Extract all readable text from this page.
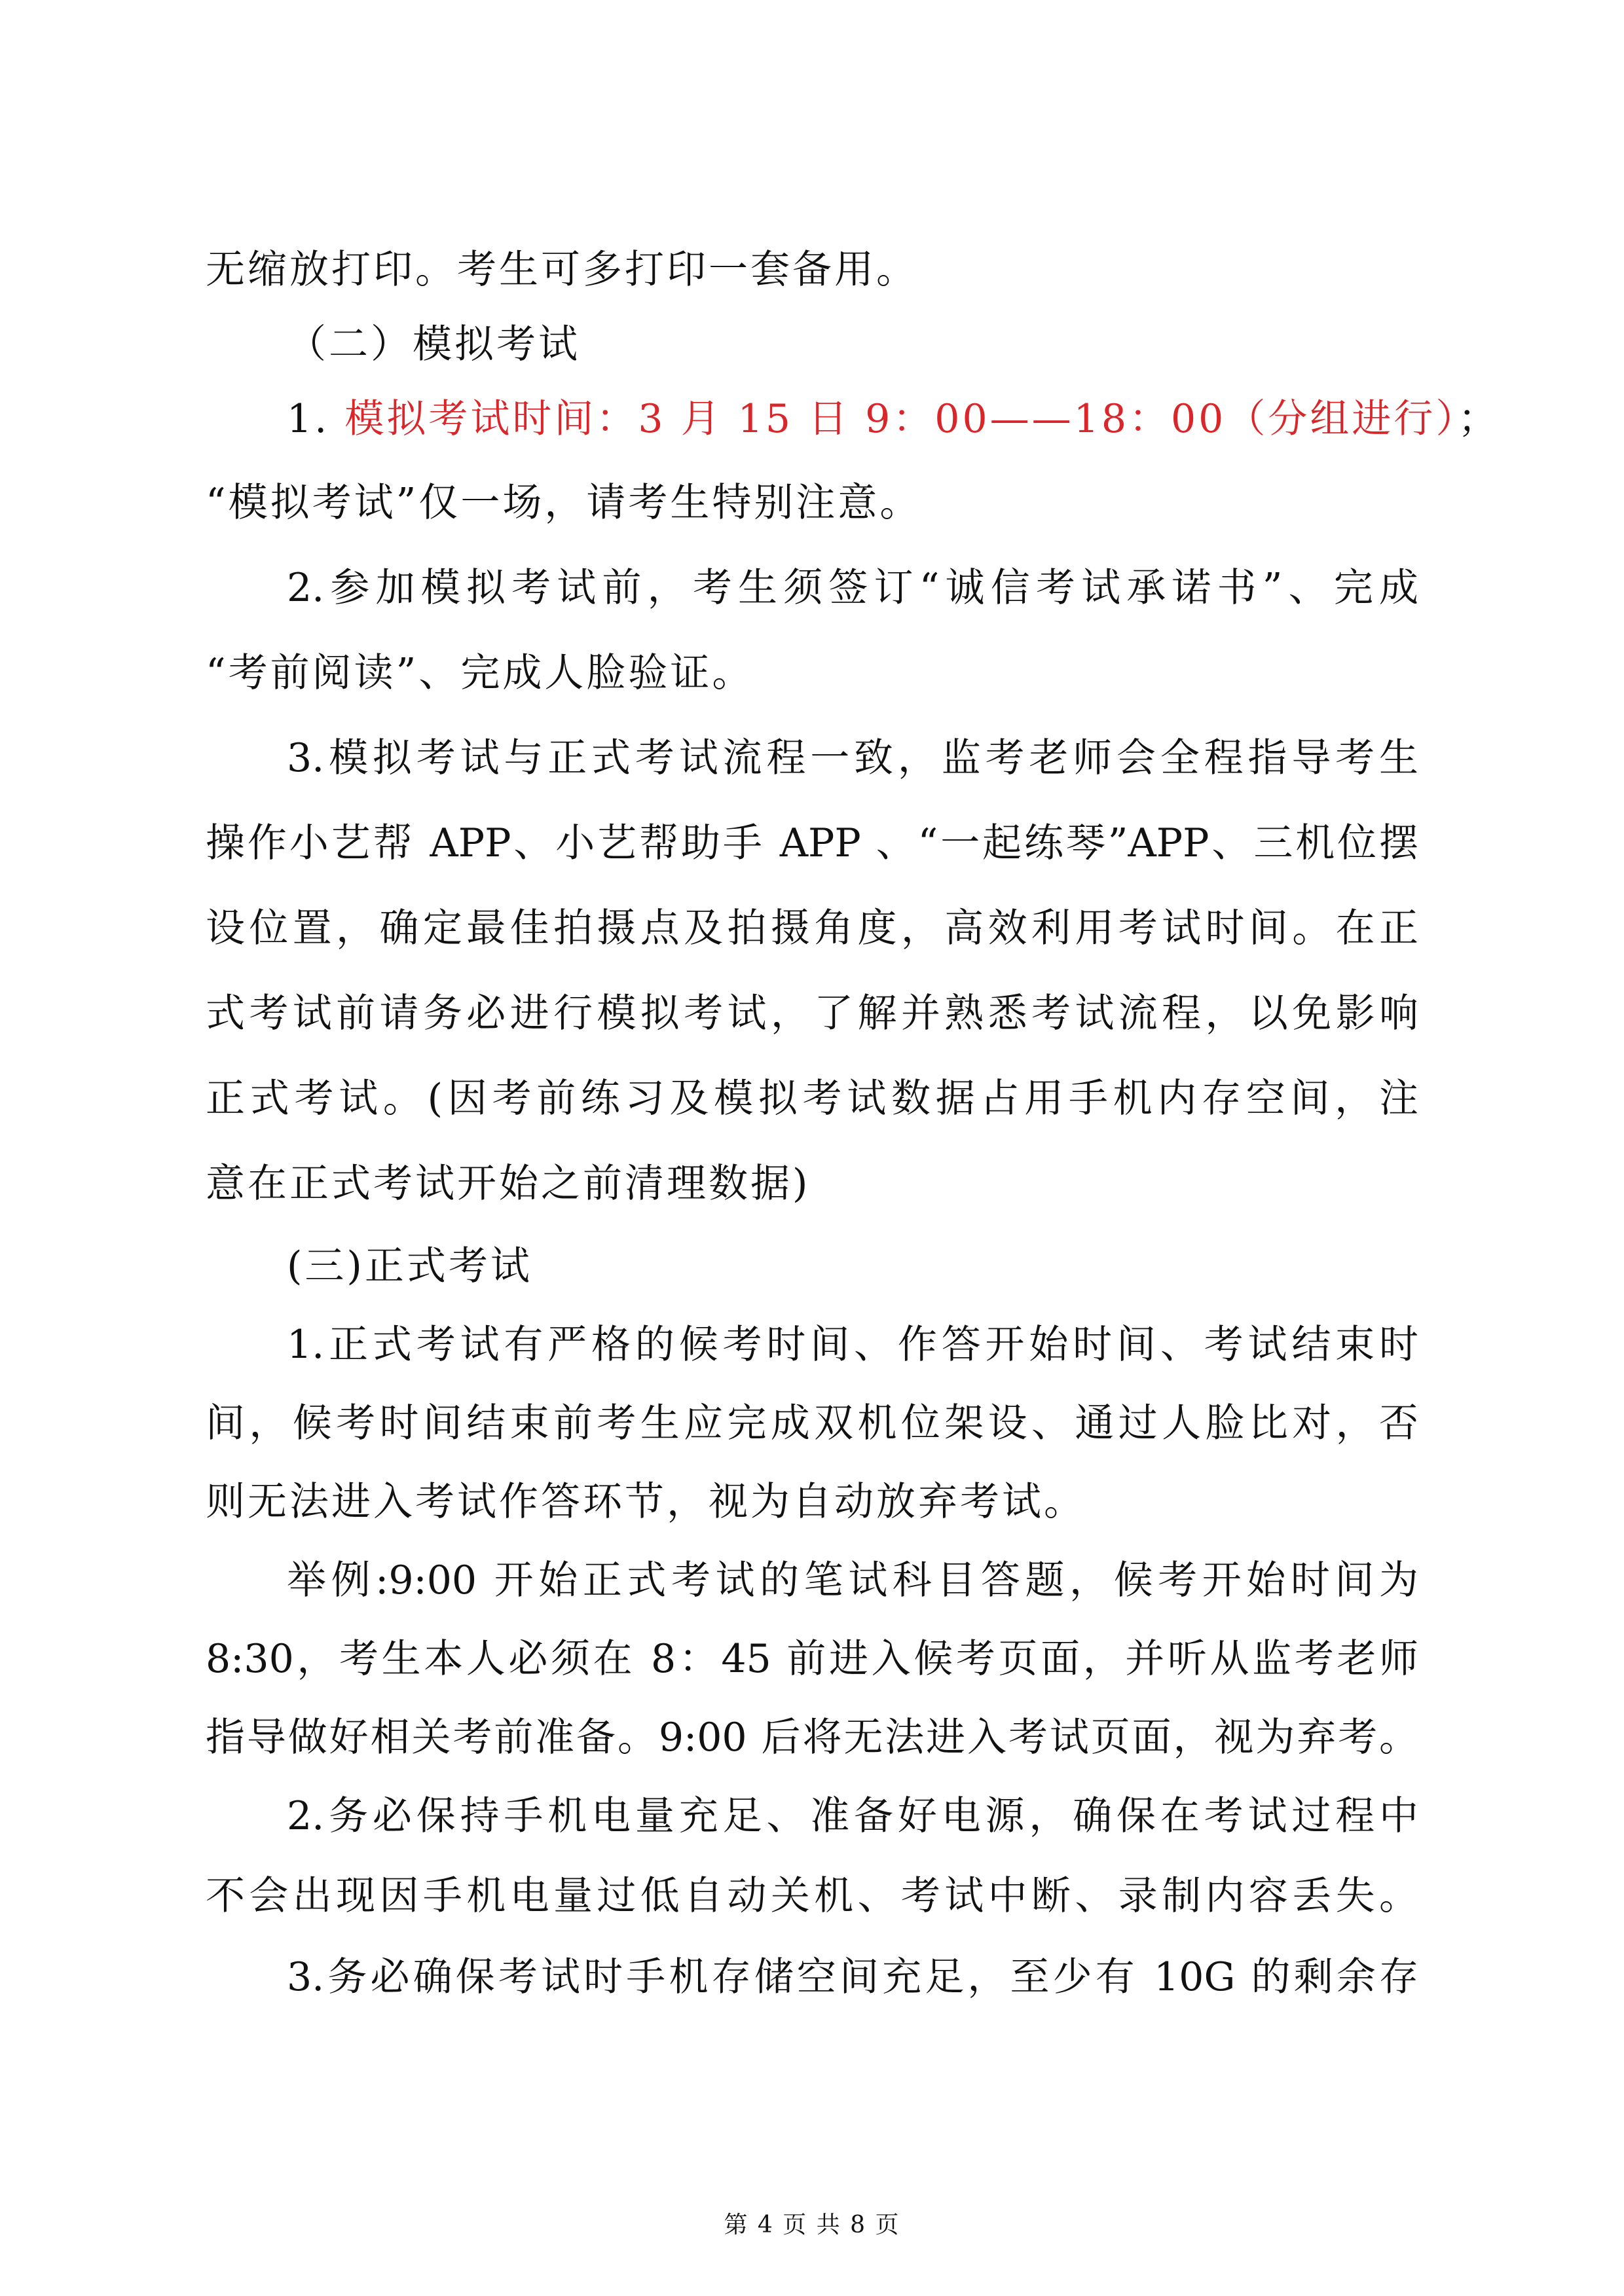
无缩放打印。考生可多打印一套备用。
（二）模拟考试
1. 模拟考试时间：3 月 15 日 9：00——18：00（分组进行）；
“模拟考试”仅一场，请考生特别注意。
2.参加模拟考试前，考生须签订“诚信考试承诺书”、完成
“考前阅读”、完成人脸验证。
3.模拟考试与正式考试流程一致，监考老师会全程指导考生
操作小艺帮 APP、小艺帮助手 APP 、“一起练琴”APP、三机位摆
设位置，确定最佳拍摄点及拍摄角度，高效利用考试时间。在正
式考试前请务必进行模拟考试，了解并熟悉考试流程，以免影响
正式考试。(因考前练习及模拟考试数据占用手机内存空间，注
意在正式考试开始之前清理数据)
(三)正式考试
1.正式考试有严格的候考时间、作答开始时间、考试结束时
间，候考时间结束前考生应完成双机位架设、通过人脸比对，否
则无法进入考试作答环节，视为自动放弃考试。
举例:9:00 开始正式考试的笔试科目答题，候考开始时间为
8:30，考生本人必须在 8：45 前进入候考页面，并听从监考老师
指导做好相关考前准备。9:00 后将无法进入考试页面，视为弃考。
2.务必保持手机电量充足、准备好电源，确保在考试过程中
不会出现因手机电量过低自动关机、考试中断、录制内容丢失。
3.务必确保考试时手机存储空间充足，至少有 10G 的剩余存
第 4 页 共 8 页
